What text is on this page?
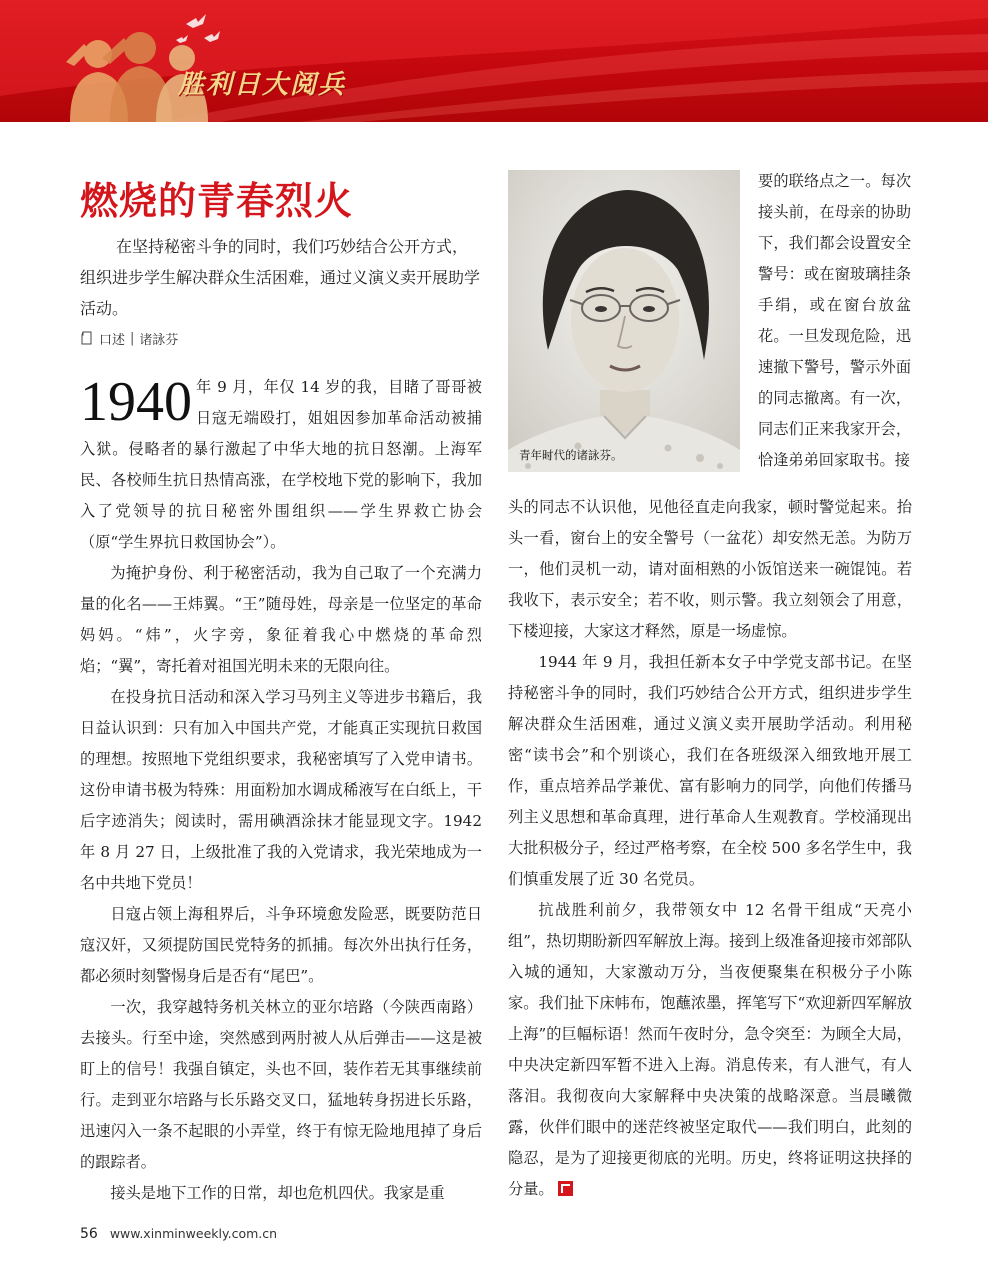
胜利日大阅兵
燃烧的青春烈火
在坚持秘密斗争的同时，我们巧妙结合公开方式，组织进步学生解决群众生活困难，通过义演义卖开展助学活动。
口述 | 诸詠芬
1940 年 9 月，年仅 14 岁的我，目睹了哥哥被日寇无端殴打，姐姐因参加革命活动被捕入狱。侵略者的暴行激起了中华大地的抗日怒潮。上海军民、各校师生抗日热情高涨，在学校地下党的影响下，我加入了党领导的抗日秘密外围组织——学生界救亡协会（原“学生界抗日救国协会”）。

为掩护身份、利于秘密活动，我为自己取了一个充满力量的化名——王炜翼。“王”随母姓，母亲是一位坚定的革命妈妈。“炜”，火字旁，象征着我心中燃烧的革命烈焰；“翼”，寄托着对祖国光明未来的无限向往。

在投身抗日活动和深入学习马列主义等进步书籍后，我日益认识到：只有加入中国共产党，才能真正实现抗日救国的理想。按照地下党组织要求，我秘密填写了入党申请书。这份申请书极为特殊：用面粉加水调成稀液写在白纸上，干后字迹消失；阅读时，需用碘酒涂抹才能显现文字。1942 年 8 月 27 日，上级批准了我的入党请求，我光荣地成为一名中共地下党员！

日寇占领上海租界后，斗争环境愈发险恶，既要防范日寇汉奸，又须提防国民党特务的抓捕。每次外出执行任务，都必须时刻警惕身后是否有“尾巴”。

一次，我穿越特务机关林立的亚尔培路（今陕西南路）去接头。行至中途，突然感到两肘被人从后弹击——这是被盯上的信号！我强自镇定，头也不回，装作若无其事继续前行。走到亚尔培路与长乐路交叉口，猛地转身拐进长乐路，迅速闪入一条不起眼的小弄堂，终于有惊无险地甩掉了身后的跟踪者。

接头是地下工作的日常，却也危机四伏。我家是重

青年时代的诸詠芬。

要的联络点之一。每次接头前，在母亲的协助下，我们都会设置安全警号：或在窗玻璃挂条手绢，或在窗台放盆花。一旦发现危险，迅速撤下警号，警示外面的同志撤离。有一次，同志们正来我家开会，恰逢弟弟回家取书。接

头的同志不认识他，见他径直走向我家，顿时警觉起来。抬头一看，窗台上的安全警号（一盆花）却安然无恙。为防万一，他们灵机一动，请对面相熟的小饭馆送来一碗馄饨。若我收下，表示安全；若不收，则示警。我立刻领会了用意，下楼迎接，大家这才释然，原是一场虚惊。

1944 年 9 月，我担任新本女子中学党支部书记。在坚持秘密斗争的同时，我们巧妙结合公开方式，组织进步学生解决群众生活困难，通过义演义卖开展助学活动。利用秘密“读书会”和个别谈心，我们在各班级深入细致地开展工作，重点培养品学兼优、富有影响力的同学，向他们传播马列主义思想和革命真理，进行革命人生观教育。学校涌现出大批积极分子，经过严格考察，在全校 500 多名学生中，我们慎重发展了近 30 名党员。

抗战胜利前夕，我带领女中 12 名骨干组成“天亮小组”，热切期盼新四军解放上海。接到上级准备迎接市郊部队入城的通知，大家激动万分，当夜便聚集在积极分子小陈家。我们扯下床帏布，饱蘸浓墨，挥笔写下“欢迎新四军解放上海”的巨幅标语！然而午夜时分，急令突至：为顾全大局，中央决定新四军暂不进入上海。消息传来，有人泄气，有人落泪。我彻夜向大家解释中央决策的战略深意。当晨曦微露，伙伴们眼中的迷茫终被坚定取代——我们明白，此刻的隐忍，是为了迎接更彻底的光明。历史，终将证明这抉择的分量。

56 www.xinminweekly.com.cn
